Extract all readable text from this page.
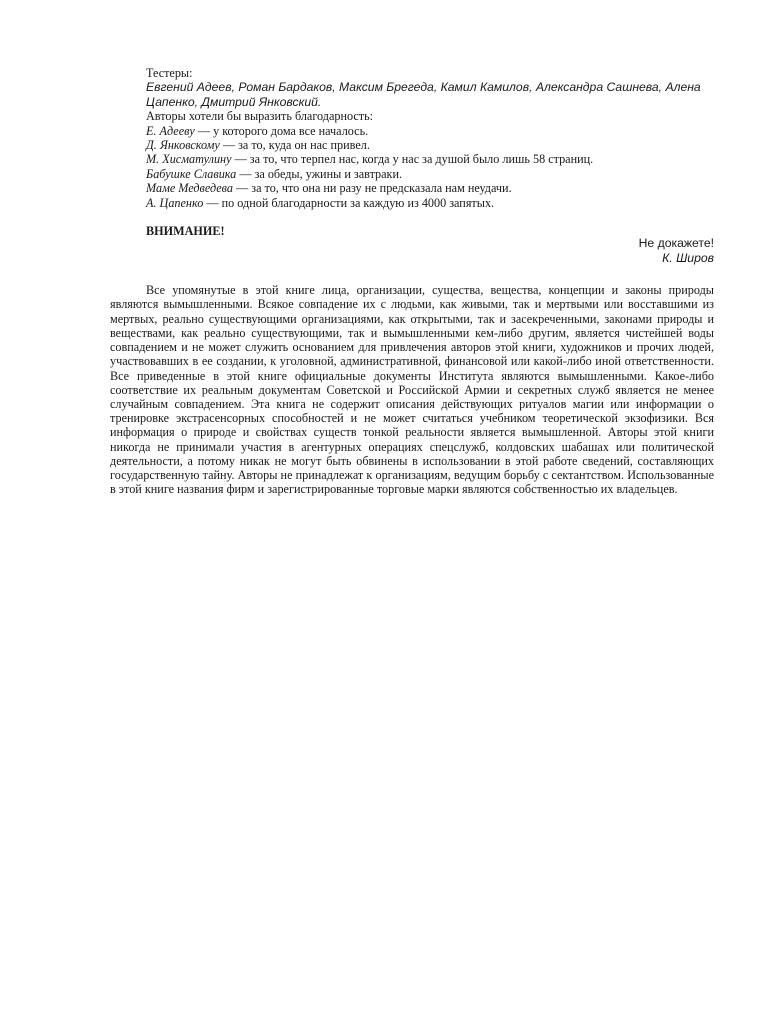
Тестеры:
Евгений Адеев, Роман Бардаков, Максим Брегеда, Камил Камилов, Александра Сашнева, Алена Цапенко, Дмитрий Янковский.
Авторы хотели бы выразить благодарность:
Е. Адееву — у которого дома все началось.
Д. Янковскому — за то, куда он нас привел.
М. Хисматулину — за то, что терпел нас, когда у нас за душой было лишь 58 страниц.
Бабушке Славика — за обеды, ужины и завтраки.
Маме Медведева — за то, что она ни разу не предсказала нам неудачи.
А. Цапенко — по одной благодарности за каждую из 4000 запятых.
ВНИМАНИЕ!
Не докажете!
К. Широв
Все упомянутые в этой книге лица, организации, существа, вещества, концепции и законы природы являются вымышленными. Всякое совпадение их с людьми, как живыми, так и мертвыми или восставшими из мертвых, реально существующими организациями, как открытыми, так и засекреченными, законами природы и веществами, как реально существующими, так и вымышленными кем-либо другим, является чистейшей воды совпадением и не может служить основанием для привлечения авторов этой книги, художников и прочих людей, участвовавших в ее создании, к уголовной, административной, финансовой или какой-либо иной ответственности. Все приведенные в этой книге официальные документы Института являются вымышленными. Какое-либо соответствие их реальным документам Советской и Российской Армии и секретных служб является не менее случайным совпадением. Эта книга не содержит описания действующих ритуалов магии или информации о тренировке экстрасенсорных способностей и не может считаться учебником теоретической экзофизики. Вся информация о природе и свойствах существ тонкой реальности является вымышленной. Авторы этой книги никогда не принимали участия в агентурных операциях спецслужб, колдовских шабашах или политической деятельности, а потому никак не могут быть обвинены в использовании в этой работе сведений, составляющих государственную тайну. Авторы не принадлежат к организациям, ведущим борьбу с сектантством. Использованные в этой книге названия фирм и зарегистрированные торговые марки являются собственностью их владельцев.
